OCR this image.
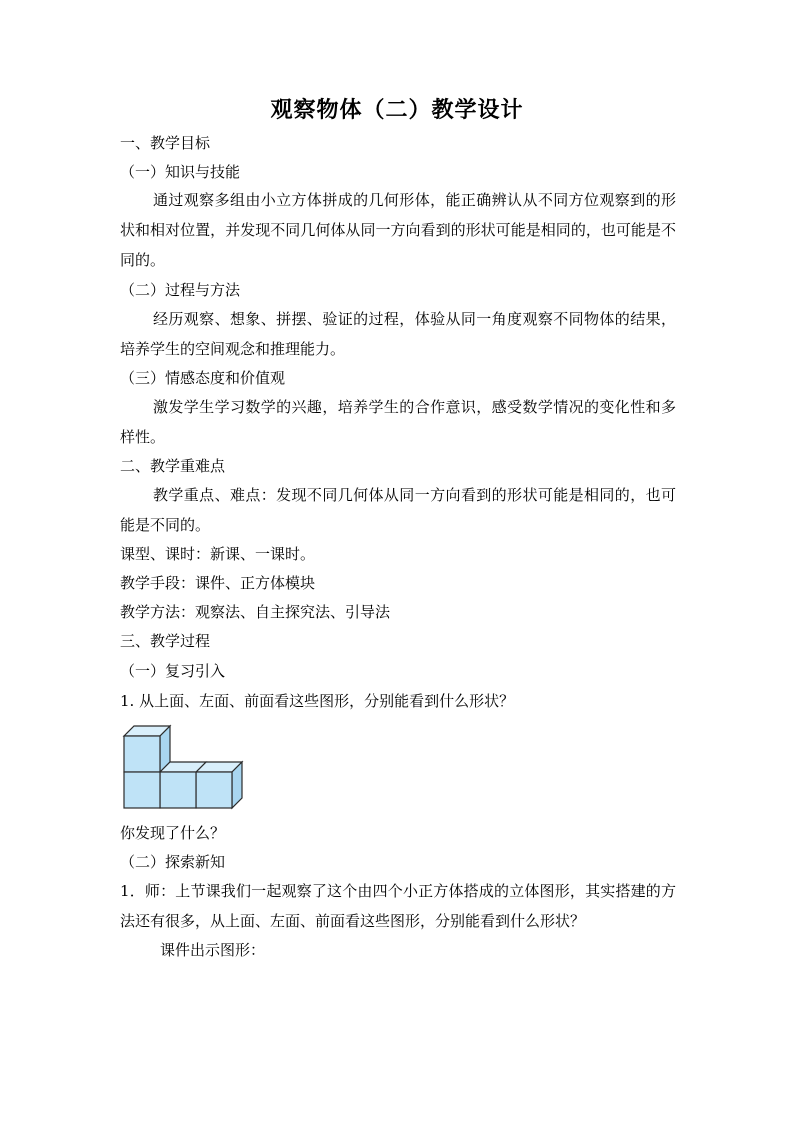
观察物体（二）教学设计
一、教学目标
（一）知识与技能
通过观察多组由小立方体拼成的几何形体，能正确辨认从不同方位观察到的形状和相对位置，并发现不同几何体从同一方向看到的形状可能是相同的，也可能是不同的。
（二）过程与方法
经历观察、想象、拼摆、验证的过程，体验从同一角度观察不同物体的结果，培养学生的空间观念和推理能力。
（三）情感态度和价值观
激发学生学习数学的兴趣，培养学生的合作意识，感受数学情况的变化性和多样性。
二、教学重难点
教学重点、难点：发现不同几何体从同一方向看到的形状可能是相同的，也可能是不同的。
课型、课时：新课、一课时。
教学手段：课件、正方体模块
教学方法：观察法、自主探究法、引导法
三、教学过程
（一）复习引入
1. 从上面、左面、前面看这些图形，分别能看到什么形状？
你发现了什么？
（二）探索新知
1．师：上节课我们一起观察了这个由四个小正方体搭成的立体图形，其实搭建的方法还有很多，从上面、左面、前面看这些图形，分别能看到什么形状？
课件出示图形：
